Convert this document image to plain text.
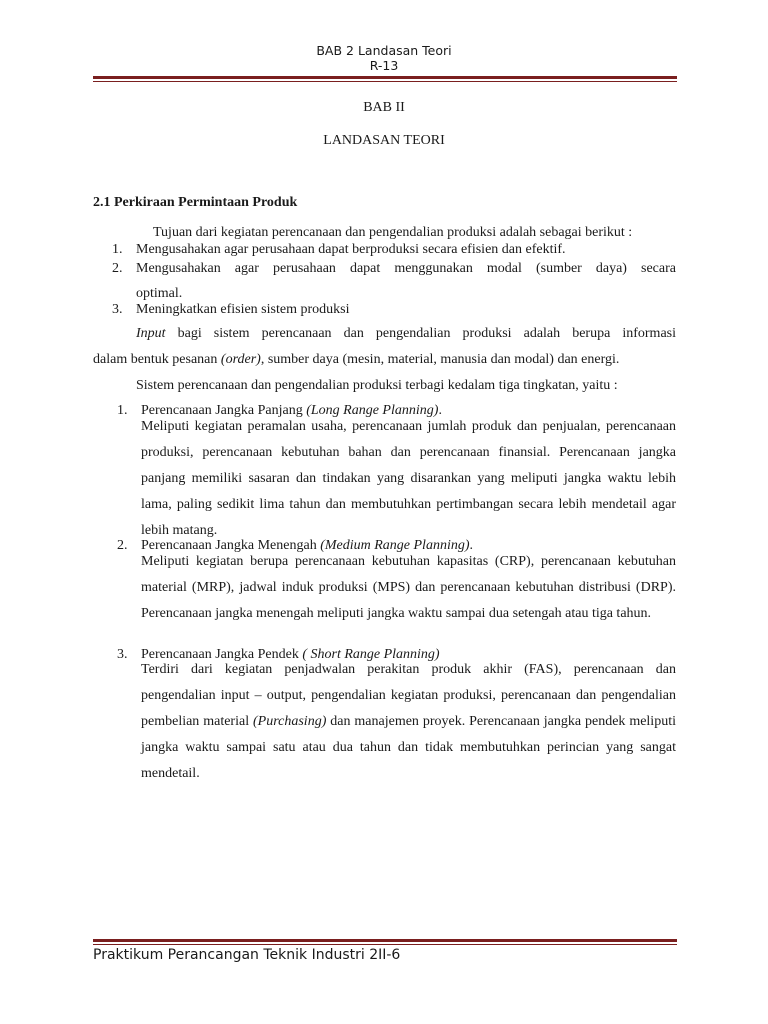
BAB 2 Landasan Teori
R-13
BAB II
LANDASAN TEORI
2.1 Perkiraan Permintaan Produk
Tujuan dari kegiatan perencanaan dan pengendalian produksi adalah sebagai berikut :
1. Mengusahakan agar perusahaan dapat berproduksi secara efisien dan efektif.
2. Mengusahakan agar perusahaan dapat menggunakan modal (sumber daya) secara
optimal.
3. Meningkatkan efisien sistem produksi
Input bagi sistem perencanaan dan pengendalian produksi adalah berupa informasi
dalam bentuk pesanan (order), sumber daya (mesin, material, manusia dan modal) dan energi.
Sistem perencanaan dan pengendalian produksi terbagi kedalam tiga tingkatan, yaitu :
1. Perencanaan Jangka Panjang (Long Range Planning).
Meliputi kegiatan peramalan usaha, perencanaan jumlah produk dan penjualan, perencanaan produksi, perencanaan kebutuhan bahan dan perencanaan finansial. Perencanaan jangka panjang memiliki sasaran dan tindakan yang disarankan yang meliputi jangka waktu lebih lama, paling sedikit lima tahun dan membutuhkan pertimbangan secara lebih mendetail agar lebih matang.
2. Perencanaan Jangka Menengah (Medium Range Planning).
Meliputi kegiatan berupa perencanaan kebutuhan kapasitas (CRP), perencanaan kebutuhan material (MRP), jadwal induk produksi (MPS) dan perencanaan kebutuhan distribusi (DRP). Perencanaan jangka menengah meliputi jangka waktu sampai dua setengah atau tiga tahun.
3. Perencanaan Jangka Pendek ( Short Range Planning)
Terdiri dari kegiatan penjadwalan perakitan produk akhir (FAS), perencanaan dan pengendalian input – output, pengendalian kegiatan produksi, perencanaan dan pengendalian pembelian material (Purchasing) dan manajemen proyek. Perencanaan jangka pendek meliputi jangka waktu sampai satu atau dua tahun dan tidak membutuhkan perincian yang sangat mendetail.
Praktikum Perancangan Teknik Industri 2II-6
